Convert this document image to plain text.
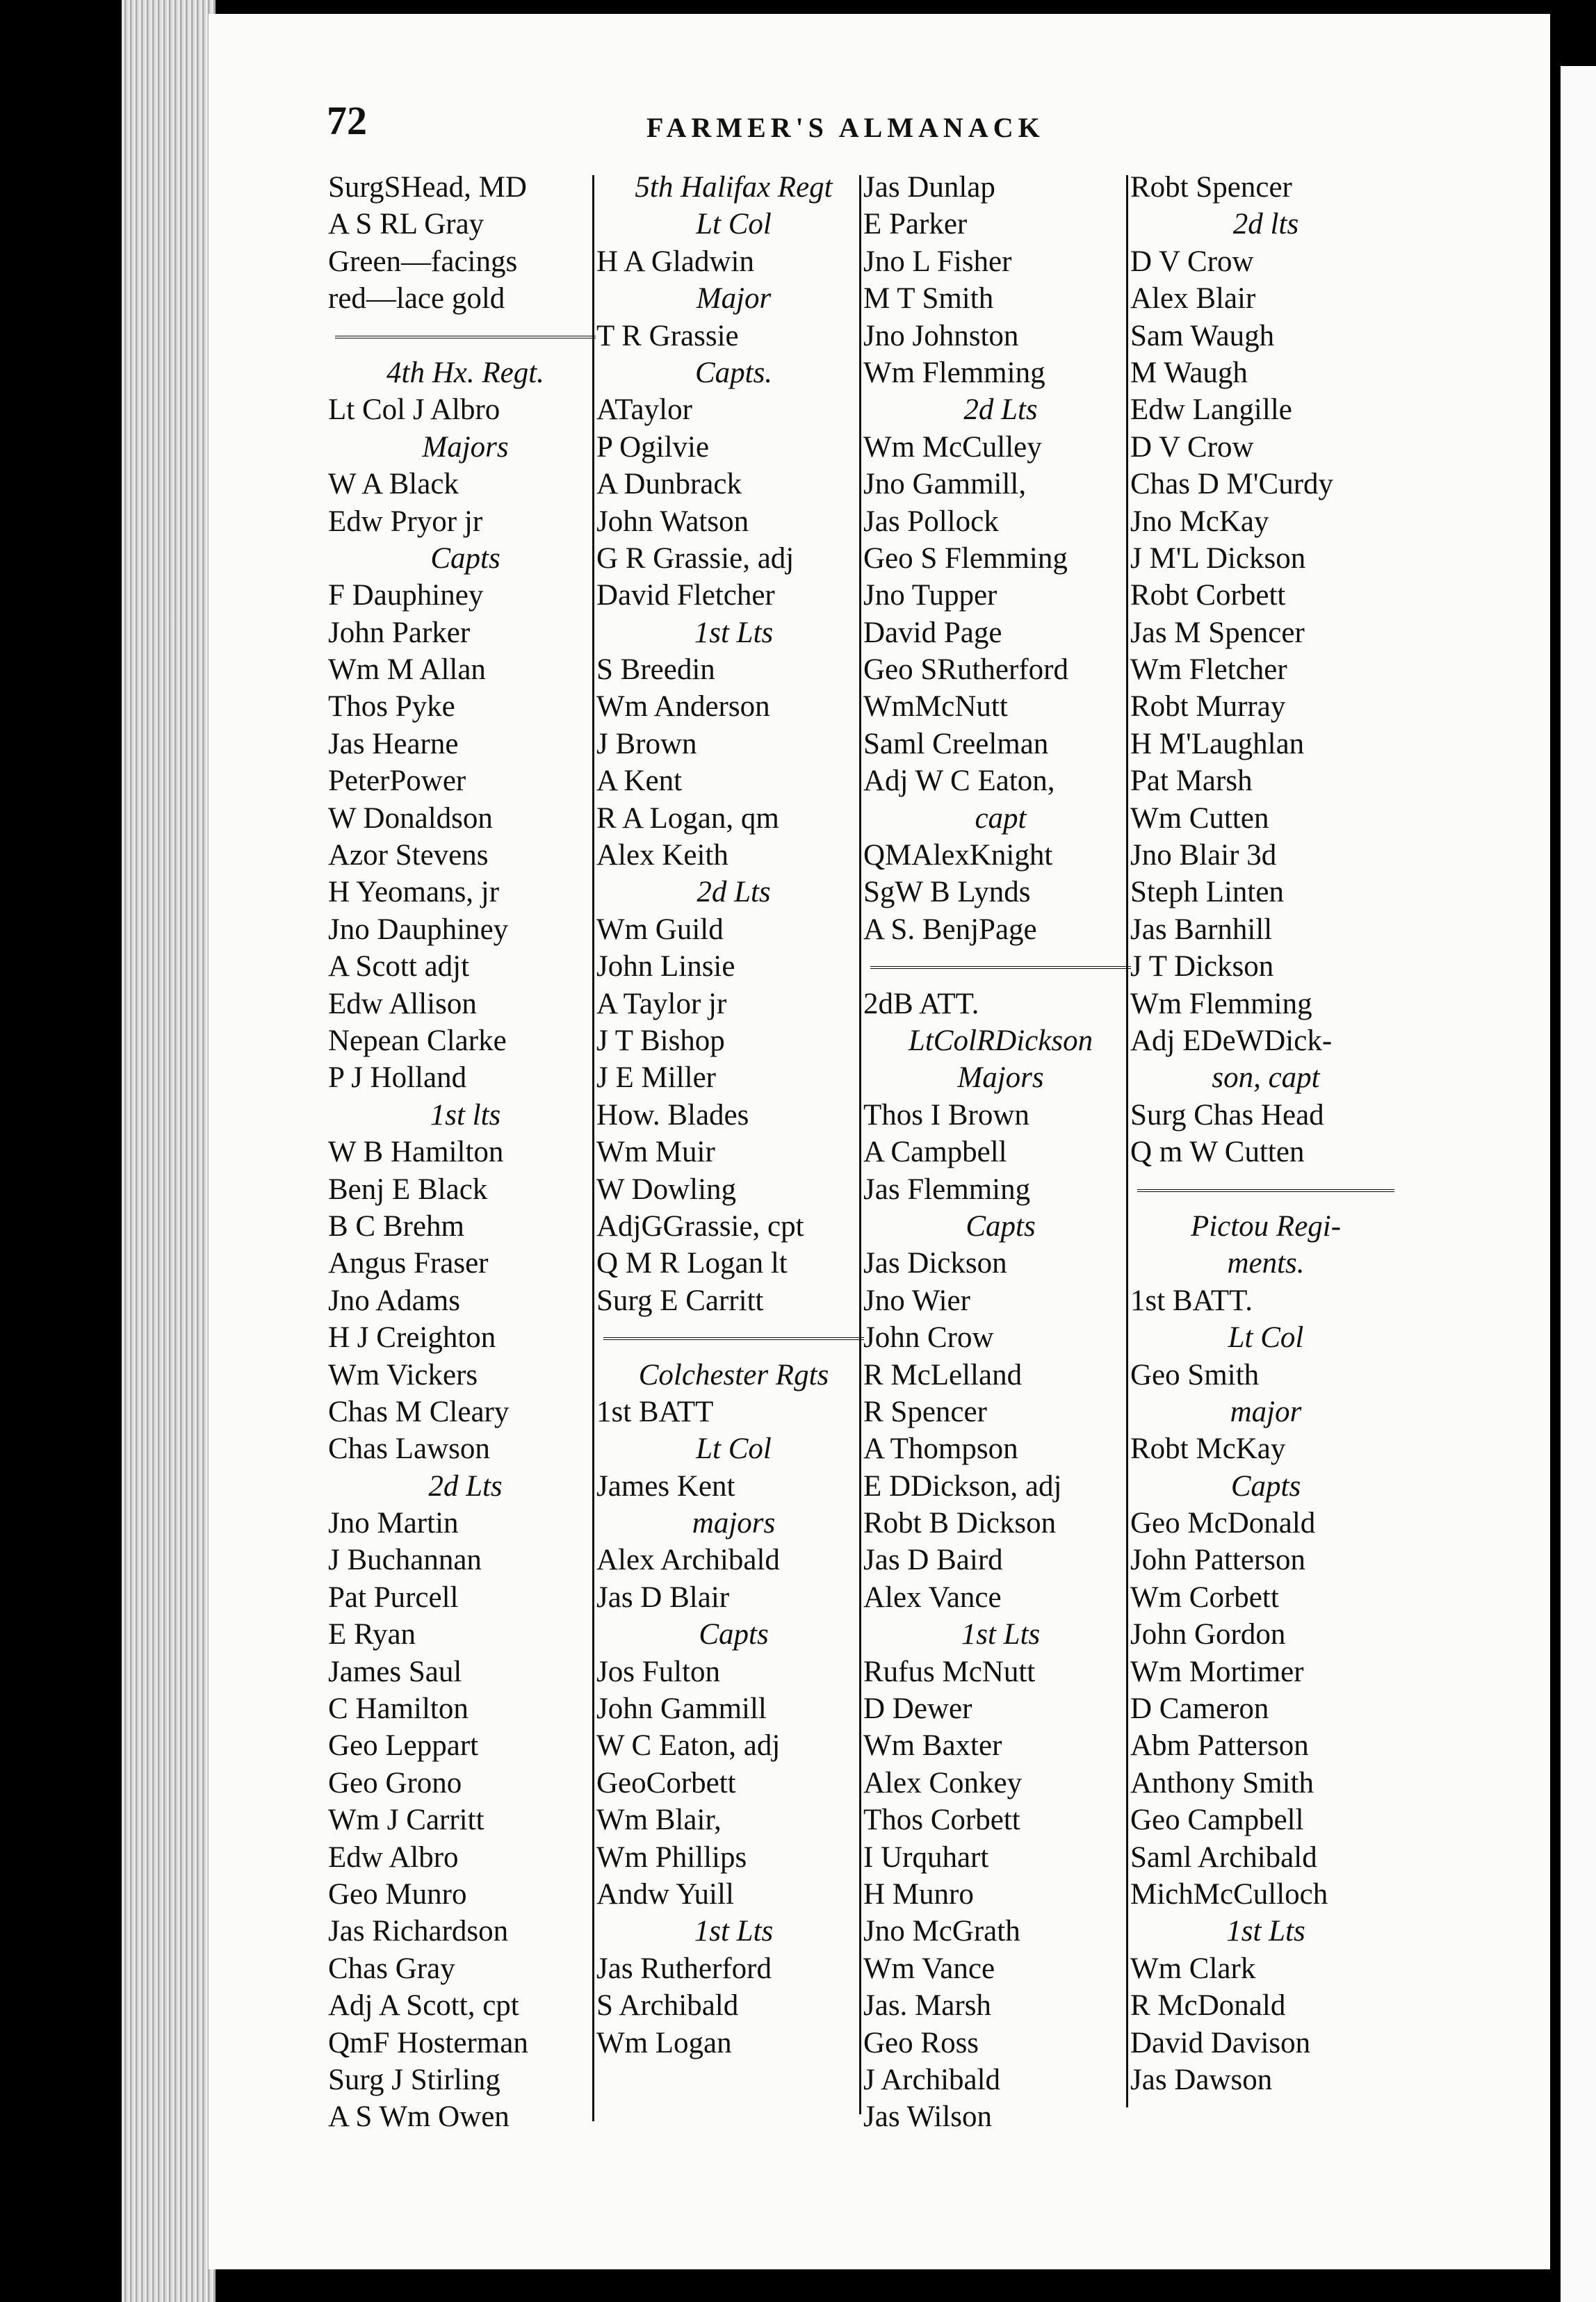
72	FARMER'S ALMANACK
SurgSHead, MD
A S RL Gray
Green—facings
red—lace gold
4th Hx. Regt.
Lt Col J Albro
Majors
W A Black
Edw Pryor jr
Capts
F Dauphiney
John Parker
Wm M Allan
Thos Pyke
Jas Hearne
PeterPower
W Donaldson
Azor Stevens
H Yeomans, jr
Jno Dauphiney
A Scott adjt
Edw Allison
Nepean Clarke
P J Holland
1st lts
W B Hamilton
Benj E Black
B C Brehm
Angus Fraser
Jno Adams
H J Creighton
Wm Vickers
Chas M Cleary
Chas Lawson
2d Lts
Jno Martin
J Buchannan
Pat Purcell
E Ryan
James Saul
C Hamilton
Geo Leppart
Geo Grono
Wm J Carritt
Edw Albro
Geo Munro
Jas Richardson
Chas Gray
Adj A Scott, cpt
QmF Hosterman
Surg J Stirling
A S Wm Owen
5th Halifax Regt
Lt Col
H A Gladwin
Major
T R Grassie
Capts.
ATaylor
P Ogilvie
A Dunbrack
John Watson
G R Grassie, adj
David Fletcher
1st Lts
S Breedin
Wm Anderson
J Brown
A Kent
R A Logan, qm
Alex Keith
2d Lts
Wm Guild
John Linsie
A Taylor jr
J T Bishop
J E Miller
How. Blades
Wm Muir
W Dowling
AdjGGrassie, cpt
Q M R Logan lt
Surg E Carritt
Colchester Rgts
1st BATT
Lt Col
James Kent
majors
Alex Archibald
Jas D Blair
Capts
Jos Fulton
John Gammill
W C Eaton, adj
GeoCorbett
Wm Blair,
Wm Phillips
Andw Yuill
1st Lts
Jas Rutherford
S Archibald
Wm Logan
Jas Dunlap
E Parker
Jno L Fisher
M T Smith
Jno Johnston
Wm Flemming
2d Lts
Wm McCulley
Jno Gammill,
Jas Pollock
Geo S Flemming
Jno Tupper
David Page
Geo SRutherford
WmMcNutt
Saml Creelman
Adj W C Eaton,
capt
QMAlexKnight
SgW B Lynds
A S. BenjPage
2dB ATT.
LtColRDickson
Majors
Thos I Brown
A Campbell
Jas Flemming
Capts
Jas Dickson
Jno Wier
John Crow
R McLelland
R Spencer
A Thompson
E DDickson, adj
Robt B Dickson
Jas D Baird
Alex Vance
1st Lts
Rufus McNutt
D Dewer
Wm Baxter
Alex Conkey
Thos Corbett
I Urquhart
H Munro
Jno McGrath
Wm Vance
Jas. Marsh
Geo Ross
J Archibald
Jas Wilson
Robt Spencer
2d lts
D V Crow
Alex Blair
Sam Waugh
M Waugh
Edw Langille
D V Crow
Chas D M'Curdy
Jno McKay
J M'L Dickson
Robt Corbett
Jas M Spencer
Wm Fletcher
Robt Murray
H M'Laughlan
Pat Marsh
Wm Cutten
Jno Blair 3d
Steph Linten
Jas Barnhill
J T Dickson
Wm Flemming
Adj EDeWDick-
son, capt
Surg Chas Head
Q m W Cutten
Pictou Regi-
ments.
1st BATT.
Lt Col
Geo Smith
major
Robt McKay
Capts
Geo McDonald
John Patterson
Wm Corbett
John Gordon
Wm Mortimer
D Cameron
Abm Patterson
Anthony Smith
Geo Campbell
Saml Archibald
MichMcCulloch
1st Lts
Wm Clark
R McDonald
David Davison
Jas Dawson
